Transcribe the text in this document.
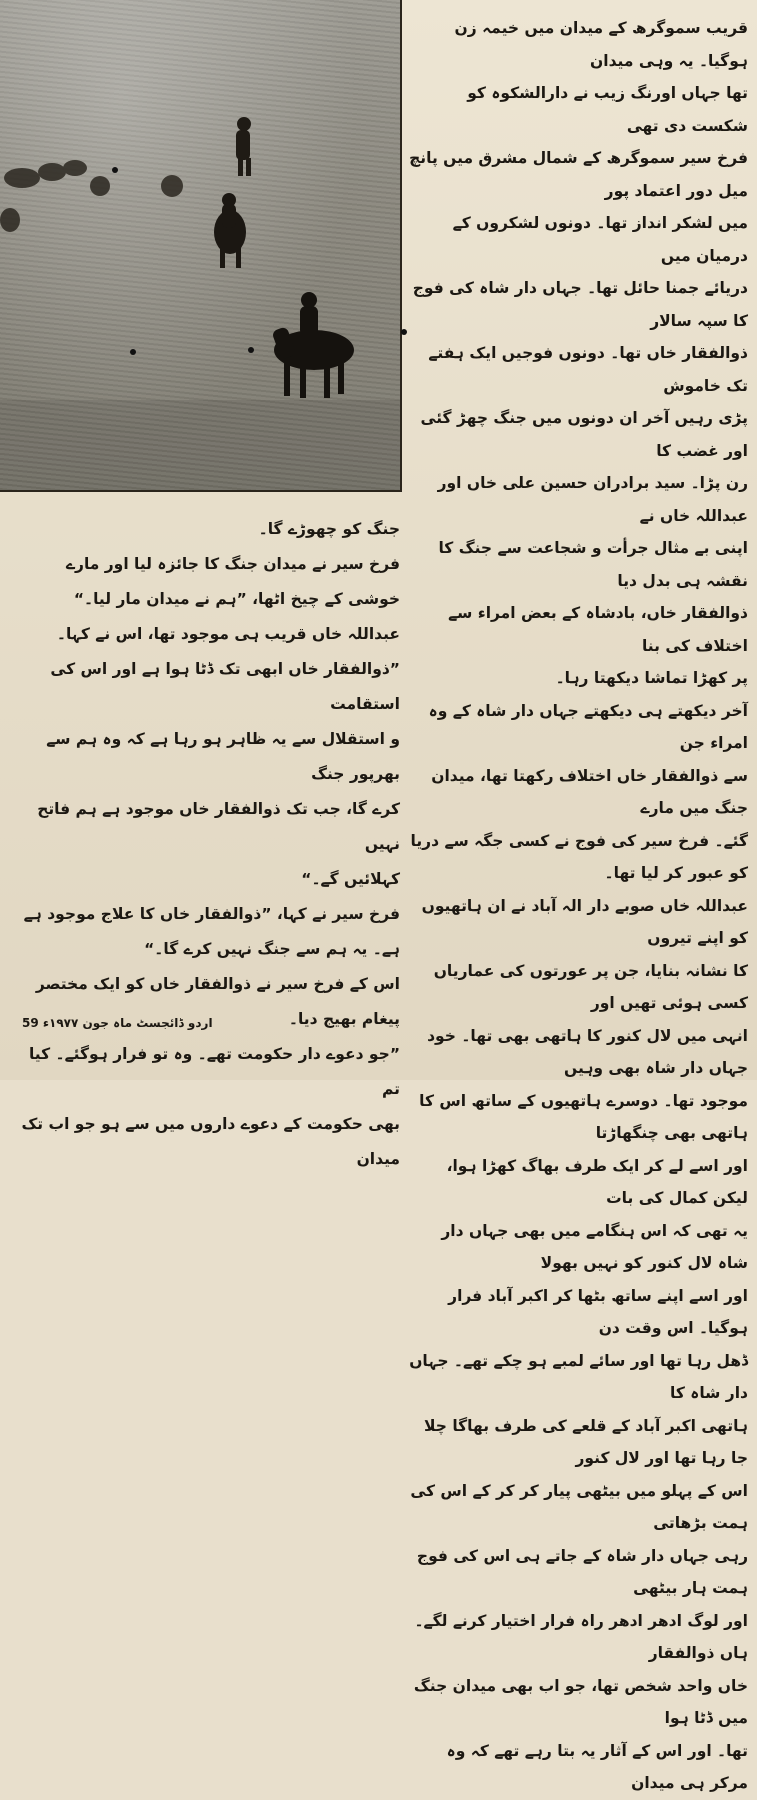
قریب سموگرھ کے میدان میں خیمہ زن ہوگیا۔ یہ وہی میدان

تھا جہاں اورنگ زیب نے دارالشکوہ کو شکست دی تھی

فرخ سیر سموگرھ کے شمال مشرق میں پانچ میل دور اعتماد پور

میں لشکر انداز تھا۔ دونوں لشکروں کے درمیان میں

دریائے جمنا حائل تھا۔ جہاں دار شاہ کی فوج کا سپہ سالار

ذوالفقار خاں تھا۔ دونوں فوجیں ایک ہفتے تک خاموش

پڑی رہیں آخر ان دونوں میں جنگ چھڑ گئی اور غضب کا

رن پڑا۔ سید برادران حسین علی خاں اور عبداللہ خاں نے

اپنی بے مثال جرأت و شجاعت سے جنگ کا نقشہ ہی بدل دیا

ذوالفقار خاں، بادشاہ کے بعض امراء سے اختلاف کی بنا

پر کھڑا تماشا دیکھتا رہا۔

آخر دیکھتے ہی دیکھتے جہاں دار شاہ کے وہ امراء جن

سے ذوالفقار خاں اختلاف رکھتا تھا، میدان جنگ میں مارے

گئے۔ فرخ سیر کی فوج نے کسی جگہ سے دریا کو عبور کر لیا تھا۔

عبداللہ خاں صوبے دار الہ آباد نے ان ہاتھیوں کو اپنے تیروں

کا نشانہ بنایا، جن پر عورتوں کی عماریاں کسی ہوئی تھیں اور

انہی میں لال کنور کا ہاتھی بھی تھا۔ خود جہاں دار شاہ بھی وہیں

موجود تھا۔ دوسرے ہاتھیوں کے ساتھ اس کا ہاتھی بھی چنگھاڑتا

اور اسے لے کر ایک طرف بھاگ کھڑا ہوا، لیکن کمال کی بات

یہ تھی کہ اس ہنگامے میں بھی جہاں دار شاہ لال کنور کو نہیں بھولا

اور اسے اپنے ساتھ بٹھا کر اکبر آباد فرار ہوگیا۔ اس وقت دن

ڈھل رہا تھا اور سائے لمبے ہو چکے تھے۔ جہاں دار شاہ کا

ہاتھی اکبر آباد کے قلعے کی طرف بھاگا چلا جا رہا تھا اور لال کنور

اس کے پہلو میں بیٹھی پیار کر کر کے اس کی ہمت بڑھاتی

رہی جہاں دار شاہ کے جاتے ہی اس کی فوج ہمت ہار بیٹھی

اور لوگ ادھر ادھر راہ فرار اختیار کرنے لگے۔ ہاں ذوالفقار

خاں واحد شخص تھا، جو اب بھی میدان جنگ میں ڈٹا ہوا

تھا۔ اور اس کے آثار یہ بتا رہے تھے کہ وہ مرکر ہی میدان

جنگ کو چھوڑے گا۔

فرخ سیر نے میدان جنگ کا جائزہ لیا اور مارے

خوشی کے چیخ اٹھا، ”ہم نے میدان مار لیا۔“

عبداللہ خاں قریب ہی موجود تھا، اس نے کہا۔

”ذوالفقار خاں ابھی تک ڈٹا ہوا ہے اور اس کی استقامت

و استقلال سے یہ ظاہر ہو رہا ہے کہ وہ ہم سے بھرپور جنگ

کرے گا، جب تک ذوالفقار خاں موجود ہے ہم فاتح نہیں

کہلائیں گے۔“

فرخ سیر نے کہا، ”ذوالفقار خاں کا علاج موجود ہے

ہے۔ یہ ہم سے جنگ نہیں کرے گا۔“

اس کے فرخ سیر نے ذوالفقار خاں کو ایک مختصر

پیغام بھیج دیا۔

”جو دعوے دار حکومت تھے۔ وہ تو فرار ہوگئے۔ کیا تم

بھی حکومت کے دعوے داروں میں سے ہو جو اب تک میدان

اردو ڈائجسٹ ماہ جون ۱۹۷۷ء 59
